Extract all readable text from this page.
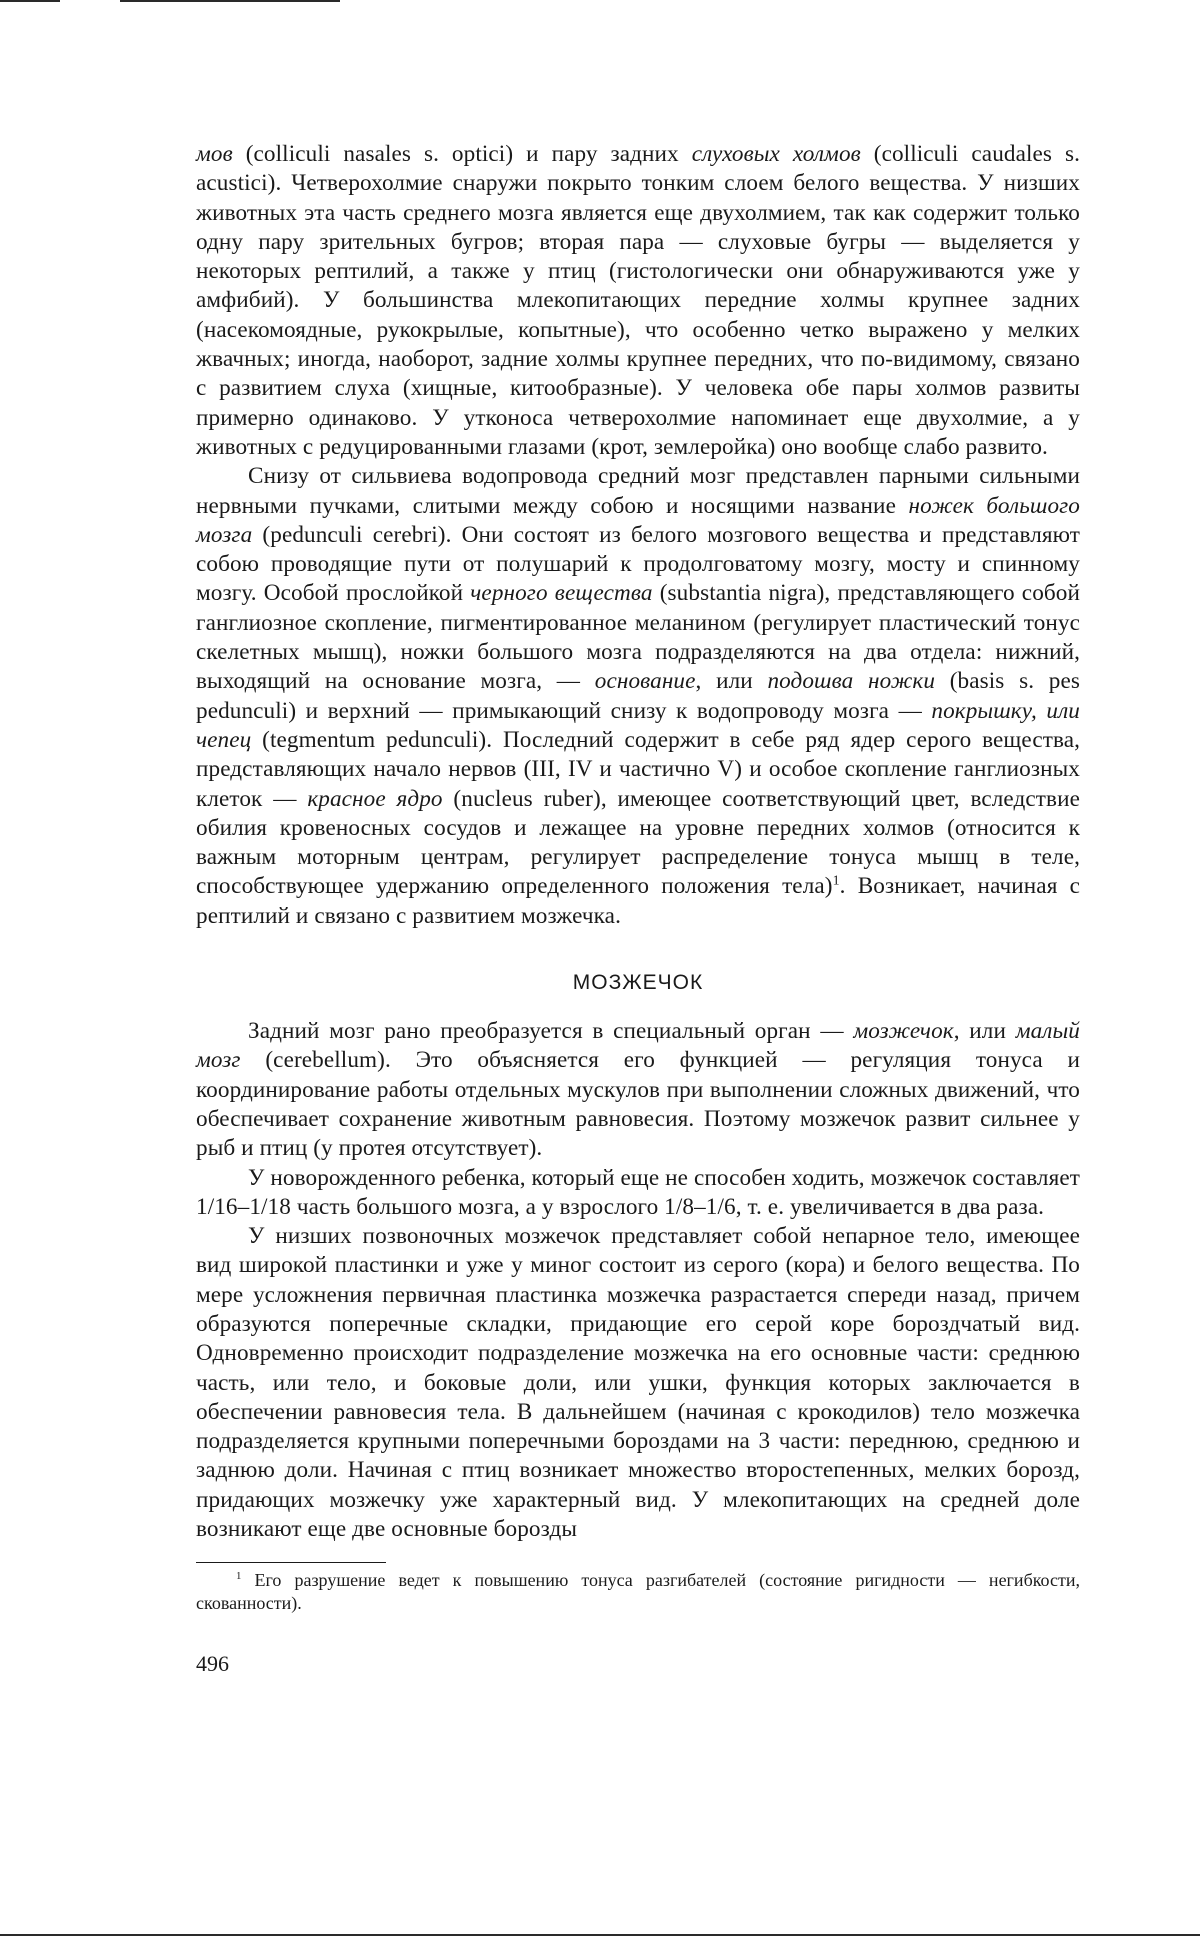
мов (colliculi nasales s. optici) и пару задних слуховых холмов (colliculi caudales s. acustici). Четверохолмие снаружи покрыто тонким слоем белого вещества. У низших животных эта часть среднего мозга является еще двухолмием, так как содержит только одну пару зрительных бугров; вторая пара — слуховые бугры — выделяется у некоторых рептилий, а также у птиц (гистологически они обнаруживаются уже у амфибий). У большинства млекопитающих передние холмы крупнее задних (насекомоядные, рукокрылые, копытные), что особенно четко выражено у мелких жвачных; иногда, наоборот, задние холмы крупнее передних, что по-видимому, связано с развитием слуха (хищные, китообразные). У человека обе пары холмов развиты примерно одинаково. У утконоса четверохолмие напоминает еще двухолмие, а у животных с редуцированными глазами (крот, землеройка) оно вообще слабо развито.

Снизу от сильвиева водопровода средний мозг представлен парными сильными нервными пучками, слитыми между собою и носящими название ножек большого мозга (pedunculi cerebri). Они состоят из белого мозгового вещества и представляют собою проводящие пути от полушарий к продолговатому мозгу, мосту и спинному мозгу. Особой прослойкой черного вещества (substantia nigra), представляющего собой ганглиозное скопление, пигментированное меланином (регулирует пластический тонус скелетных мышц), ножки большого мозга подразделяются на два отдела: нижний, выходящий на основание мозга, — основание, или подошва ножки (basis s. pes pedunculi) и верхний — примыкающий снизу к водопроводу мозга — покрышку, или чепец (tegmentum pedunculi). Последний содержит в себе ряд ядер серого вещества, представляющих начало нервов (III, IV и частично V) и особое скопление ганглиозных клеток — красное ядро (nucleus ruber), имеющее соответствующий цвет, вследствие обилия кровеносных сосудов и лежащее на уровне передних холмов (относится к важным моторным центрам, регулирует распределение тонуса мышц в теле, способствующее удержанию определенного положения тела)$^1$. Возникает, начиная с рептилий и связано с развитием мозжечка.

МОЗЖЕЧОК

Задний мозг рано преобразуется в специальный орган — мозжечок, или малый мозг (cerebellum). Это объясняется его функцией — регуляция тонуса и координирование работы отдельных мускулов при выполнении сложных движений, что обеспечивает сохранение животным равновесия. Поэтому мозжечок развит сильнее у рыб и птиц (у протея отсутствует).

У новорожденного ребенка, который еще не способен ходить, мозжечок составляет 1/16–1/18 часть большого мозга, а у взрослого 1/8–1/6, т. е. увеличивается в два раза.

У низших позвоночных мозжечок представляет собой непарное тело, имеющее вид широкой пластинки и уже у миног состоит из серого (кора) и белого вещества. По мере усложнения первичная пластинка мозжечка разрастается спереди назад, причем образуются поперечные складки, придающие его серой коре бороздчатый вид. Одновременно происходит подразделение мозжечка на его основные части: среднюю часть, или тело, и боковые доли, или ушки, функция которых заключается в обеспечении равновесия тела. В дальнейшем (начиная с крокодилов) тело мозжечка подразделяется крупными поперечными бороздами на 3 части: переднюю, среднюю и заднюю доли. Начиная с птиц возникает множество второстепенных, мелких борозд, придающих мозжечку уже характерный вид. У млекопитающих на средней доле возникают еще две основные борозды

$^1$ Его разрушение ведет к повышению тонуса разгибателей (состояние ригидности — негибкости, скованности).

496
